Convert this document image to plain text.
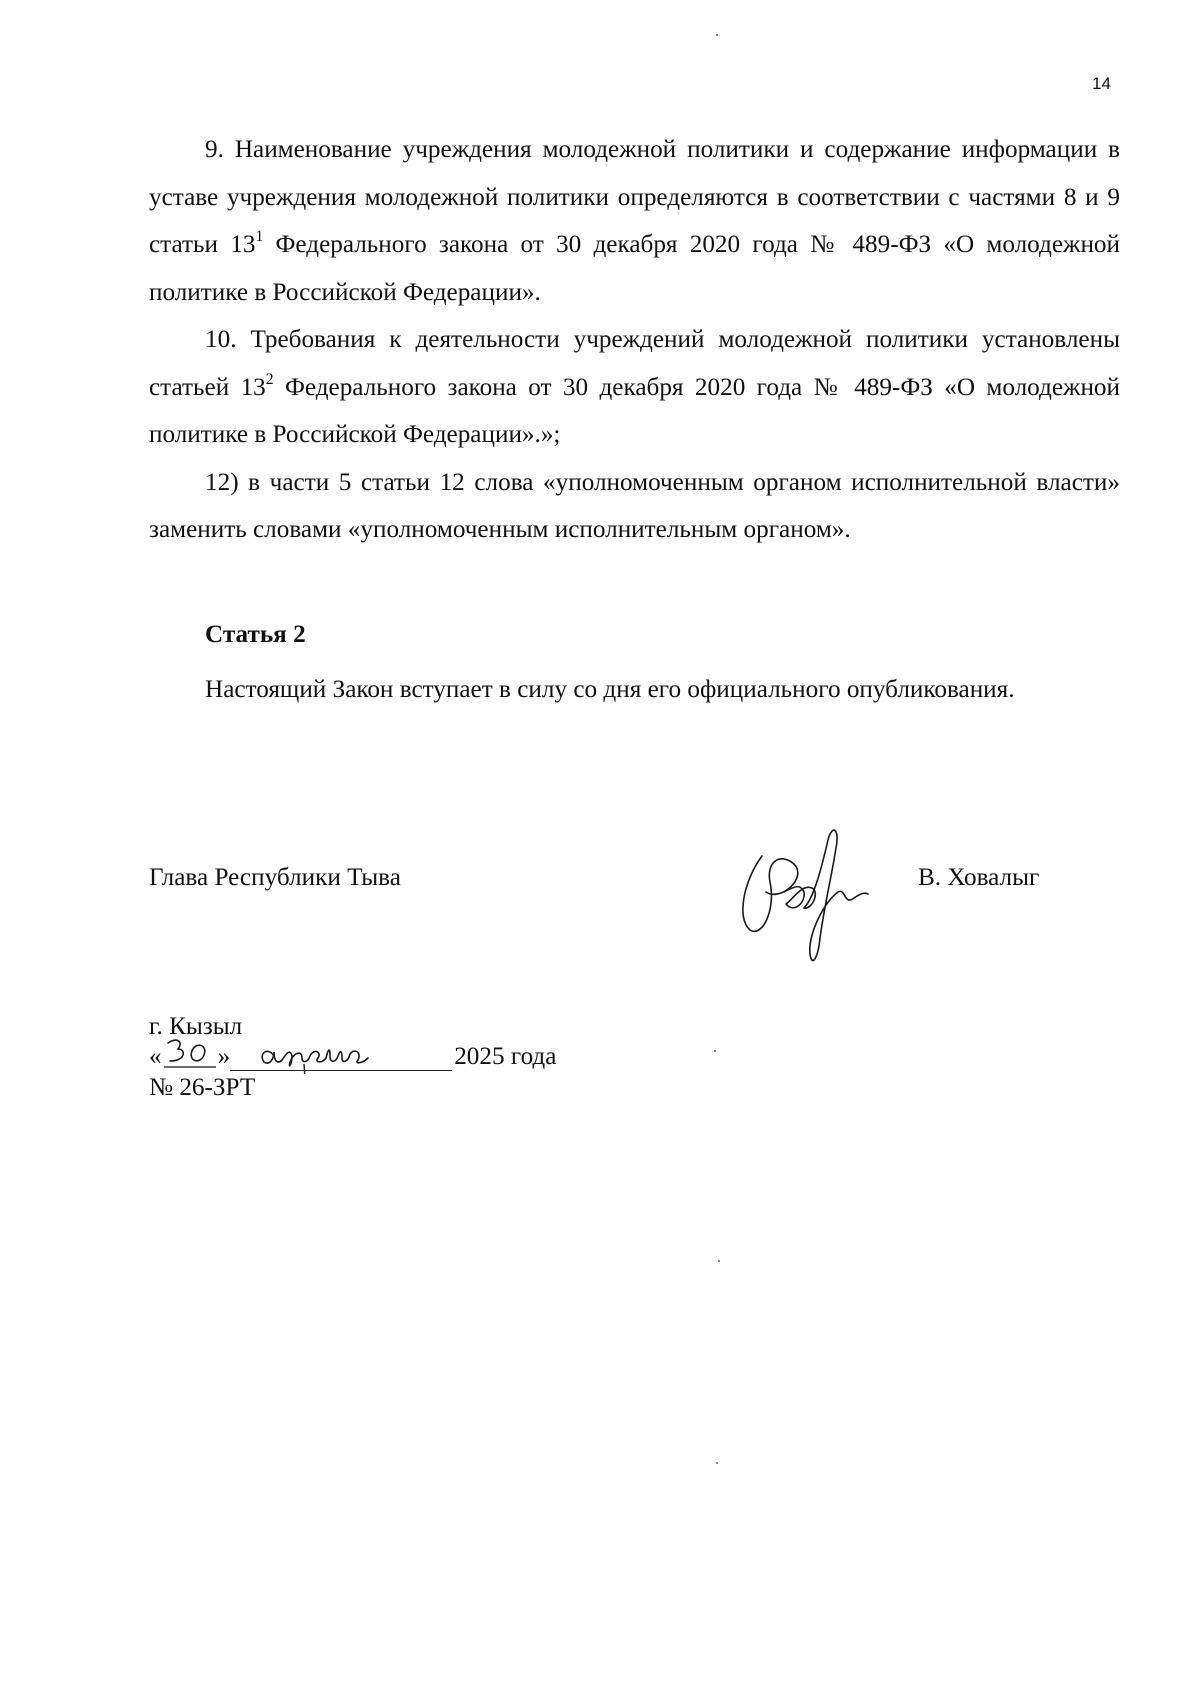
14

9. Наименование учреждения молодежной политики и содержание информации в уставе учреждения молодежной политики определяются в соответствии с частями 8 и 9 статьи $13^1$ Федерального закона от 30 декабря 2020 года № 489-ФЗ «О молодежной политике в Российской Федерации».

10. Требования к деятельности учреждений молодежной политики установлены статьей $13^2$ Федерального закона от 30 декабря 2020 года № 489-ФЗ «О молодежной политике в Российской Федерации».»;

12) в части 5 статьи 12 слова «уполномоченным органом исполнительной власти» заменить словами «уполномоченным исполнительным органом».

Статья 2

Настоящий Закон вступает в силу со дня его официального опубликования.

Глава Республики Тыва	В. Ховалыг
г. Кызыл
« »	2025 года
№ 26-ЗРТ
